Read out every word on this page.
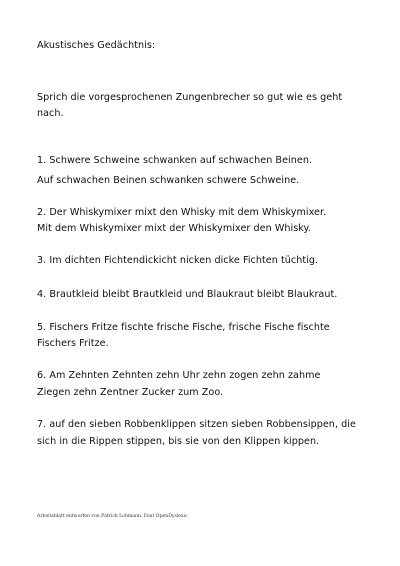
Akustisches Gedächtnis:
Sprich die vorgesprochenen Zungenbrecher so gut wie es geht
nach.
1. Schwere Schweine schwanken auf schwachen Beinen.
Auf schwachen Beinen schwanken schwere Schweine.
2. Der Whiskymixer mixt den Whisky mit dem Whiskymixer.
Mit dem Whiskymixer mixt der Whiskymixer den Whisky.
3. Im dichten Fichtendickicht nicken dicke Fichten tüchtig.
4. Brautkleid bleibt Brautkleid und Blaukraut bleibt Blaukraut.
5. Fischers Fritze fischte frische Fische, frische Fische fischte
Fischers Fritze.
6. Am Zehnten Zehnten zehn Uhr zehn zogen zehn zahme
Ziegen zehn Zentner Zucker zum Zoo.
7. auf den sieben Robbenklippen sitzen sieben Robbensippen, die
sich in die Rippen stippen, bis sie von den Klippen kippen.
Arbeitsblatt entworfen von Patrick Lohmann. Font OpenDyslexic
